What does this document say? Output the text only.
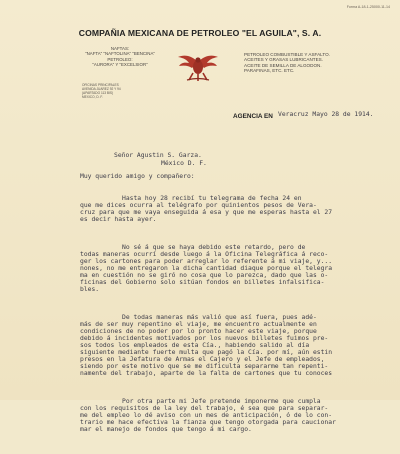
Forma A-18-1-25000-11-14
COMPAÑIA MEXICANA DE PETROLEO "EL AGUILA", S. A.
NAFTAS:
"NAFTA" "NAFTOLINA" "BENCINA"
PETROLEO:
"AURORA" Y "EXCELSIOR"
OFICINAS PRINCIPALES
AVENIDA JUAREZ 92 Y 94
(APARTADO 113 BIS)
MEXICO, D. F.
PETROLEO COMBUSTIBLE Y ASFALTO.
ACEITES Y GRASAS LUBRICANTES.
ACEITE DE SEMILLA DE ALGODON.
PARAFINAS, ETC. ETC.
AGENCIA EN Veracruz Mayo 28 de 1914.
Señor Agustin S. Garza.
México D. F.
Muy querido amigo y compañero:

Hasta hoy 28 recibí tu telegrama de fecha 24 en
que me dices ocurra al telégrafo por quinientos pesos de Vera-
cruz para que me vaya enseguida á esa y que me esperas hasta el 27
es decir hasta ayer.

No sé á que se haya debido este retardo, pero de
todas maneras ocurrí desde luego á la Oficina Telegráfica á reco-
ger los cartones para poder arreglar lo referente á mi viaje, y...
nones, no me entregaron la dicha cantidad diaque porque el telegra
ma en cuestión no se giró no cosa que lo parezca, dado que las o-
ficinas del Gobierno solo sitúan fondos en billetes infalsifica-
bles.

De todas maneras más valió que así fuera, pues adé-
más de ser muy repentino el viaje, me encuentro actualmente en
condiciones de no poder por lo pronto hacer este viaje, porque
debido á incidentes motivados por los nuevos billetes fuimos pre-
sos todos los empleados de esta Cía., habiendo salido al día
siguiente mediante fuerte multa que pagó la Cía. por mí, aún estin
presos en la Jefatura de Armas el Cajero y el Jefe de empleados,
siendo por este motivo que se me dificulta separarme tan repenti-
namente del trabajo, aparte de la falta de cartones que tu conoces

Por otra parte mi Jefe pretende imponerme que cumpla
con los requisitos de la ley del trabajo, é sea que para separar-
me del empleo lo dé aviso con un mes de anticipación, ó de lo con-
trario me hace efectiva la fianza que tengo otorgada para caucionar
mar el manejo de fondos que tengo á mi cargo.
